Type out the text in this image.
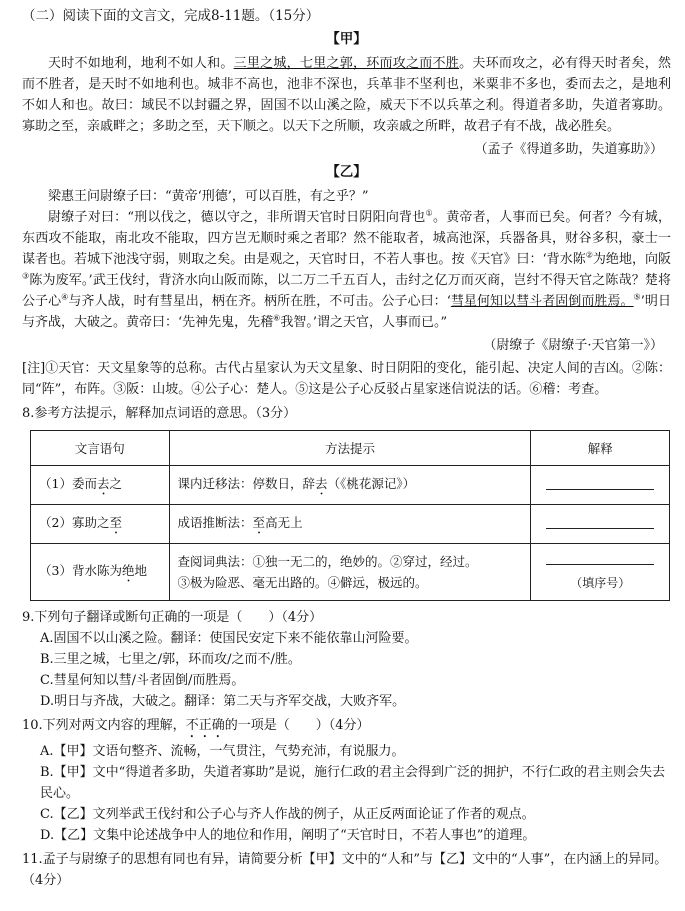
（二）阅读下面的文言文，完成8-11题。（15分）

【甲】

天时不如地利，地利不如人和。三里之城，七里之郭，环而攻之而不胜。夫环而攻之，必有得天时者矣，然而不胜者，是天时不如地利也。城非不高也，池非不深也，兵革非不坚利也，米粟非不多也，委而去之，是地利不如人和也。故曰：域民不以封疆之界，固国不以山溪之险，威天下不以兵革之利。得道者多助，失道者寡助。寡助之至，亲戚畔之；多助之至，天下顺之。以天下之所顺，攻亲戚之所畔，故君子有不战，战必胜矣。

（孟子《得道多助，失道寡助》）

【乙】

梁惠王问尉缭子曰：“黄帝‘刑德’，可以百胜，有之乎？”

尉缭子对曰：“刑以伐之，德以守之，非所谓天官时日阴阳向背也①。黄帝者，人事而已矣。何者？今有城，东西攻不能取，南北攻不能取，四方岂无顺时乘之者耶？然不能取者，城高池深，兵器备具，财谷多积，豪士一谋者也。若城下池浅守弱，则取之矣。由是观之，天官时日，不若人事也。按《天官》曰：‘背水陈②为绝地，向阪③陈为废军。’武王伐纣，背济水向山阪而陈，以二万二千五百人，击纣之亿万而灭商，岂纣不得天官之陈哉？楚将公子心④与齐人战，时有彗星出，柄在齐。柄所在胜，不可击。公子心曰：‘彗星何知以彗斗者固倒而胜焉。⑤’明日与齐战，大破之。黄帝曰：‘先神先鬼，先稽⑥我智。’谓之天官，人事而已。”

（尉缭子《尉缭子·天官第一》）

[注]①天官：天文星象等的总称。古代占星家认为天文星象、时日阴阳的变化，能引起、决定人间的吉凶。②陈：同“阵”，布阵。③阪：山坡。④公子心：楚人。⑤这是公子心反驳占星家迷信说法的话。⑥稽：考查。

8.参考方法提示，解释加点词语的意思。（3分）

文言语句	方法提示	解释
（1）委而去之	课内迁移法：停数日，辞去（《桃花源记》）	
（2）寡助之至	成语推断法：至高无上	
（3）背水陈为绝地	查阅词典法：①独一无二的，绝妙的。②穿过，经过。
③极为险恶、毫无出路的。④僻远，极远的。	（填序号）

9.下列句子翻译或断句正确的一项是（　　）（4分）

A.固国不以山溪之险。翻译：使国民安定下来不能依靠山河险要。

B.三里之城，七里之/郭，环而攻/之而不/胜。

C.彗星何知以彗/斗者固倒/而胜焉。

D.明日与齐战，大破之。翻译：第二天与齐军交战，大败齐军。

10.下列对两文内容的理解，不正确的一项是（　　）（4分）

A.【甲】文语句整齐、流畅，一气贯注，气势充沛，有说服力。

B.【甲】文中“得道者多助，失道者寡助”是说，施行仁政的君主会得到广泛的拥护，不行仁政的君主则会失去民心。

C.【乙】文列举武王伐纣和公子心与齐人作战的例子，从正反两面论证了作者的观点。

D.【乙】文集中论述战争中人的地位和作用，阐明了“天官时日，不若人事也”的道理。

11.孟子与尉缭子的思想有同也有异，请简要分析【甲】文中的“人和”与【乙】文中的“人事”，在内涵上的异同。（4分）
